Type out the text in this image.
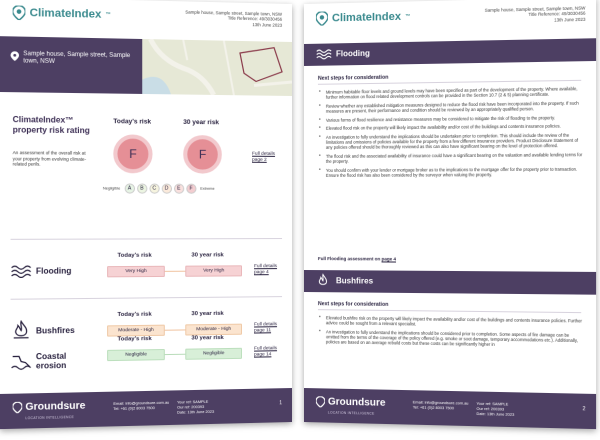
ClimateIndex ™	Sample house, Sample street, Sample town, NSW
Title Reference: 49/3030456
13th June 2023
Sample house, Sample street, Sample town, NSW
ClimateIndex™ property risk rating
An assessment of the overall risk at your property from evolving climate-related perils.
Today's risk	30 year risk
F	F	Full details page 2
Negligible	A	B	C	D	E	F	Extreme
Flooding
Today's risk	30 year risk
Very High	Very High
Full details page 4
Bushfires
Today's risk	30 year risk
Moderate - High	Moderate - High
Full details page 11
Coastal erosion
Today's risk	30 year risk
Negligible	Negligible
Full details page 14
Groundsure
LOCATION INTELLIGENCE
Email: info@groundsure.com.au
Tel: +61 (0)2 8003 7500
Your ref: SAMPLE
Our ref: 200393
Date: 13th June 2023
1
ClimateIndex ™
Sample house, Sample street, Sample town, NSW
Title Reference: 49/3030456
13th June 2023
Flooding
Next steps for consideration
• Minimum habitable floor levels and ground levels may have been specified as part of the development of the property. Where available, further information on flood related development controls can be provided in the Section 10.7 (2 & 5) planning certificate.
• Review whether any established mitigation measures designed to reduce the flood risk have been incorporated into the property. If such measures are present, their performance and condition should be reviewed by an appropriately qualified person.
• Various forms of flood resilience and resistance measures may be considered to mitigate the risk of flooding to the property.
• Elevated flood risk on the property will likely impact the availability and/or cost of the buildings and contents insurance policies.
• An investigation to fully understand the implications should be undertaken prior to completion. This should include the review of the limitations and omissions of policies available for the property from a few different insurance providers. Product Disclosure Statement of any policies offered should be thoroughly reviewed as this can also have significant bearing on the level of protection offered.
• The flood risk and the associated availability of insurance could have a significant bearing on the valuation and available lending terms for the property.
• You should confirm with your lender or mortgage broker as to the implications to the mortgage offer for the property prior to transaction. Ensure the flood risk has also been considered by the surveyor when valuing the property.
Full Flooding assessment on page 4
Bushfires
Next steps for consideration
• Elevated bushfire risk on the property will likely impact the availability and/or cost of the buildings and contents insurance policies. Further advice could be sought from a relevant specialist.
• An investigation to fully understand the implications should be considered prior to completion. Some aspects of fire damage can be omitted from the terms of the coverage of the policy offered (e.g. smoke or soot damage, temporary accommodations etc.). Additionally, policies are based on an average rebuild costs but these costs can be significantly higher in
Groundsure
LOCATION INTELLIGENCE
Email: info@groundsure.com.au
Tel: +61 (0)2 8003 7500
Your ref: SAMPLE
Our ref: 200393
Date: 13th June 2023
2
